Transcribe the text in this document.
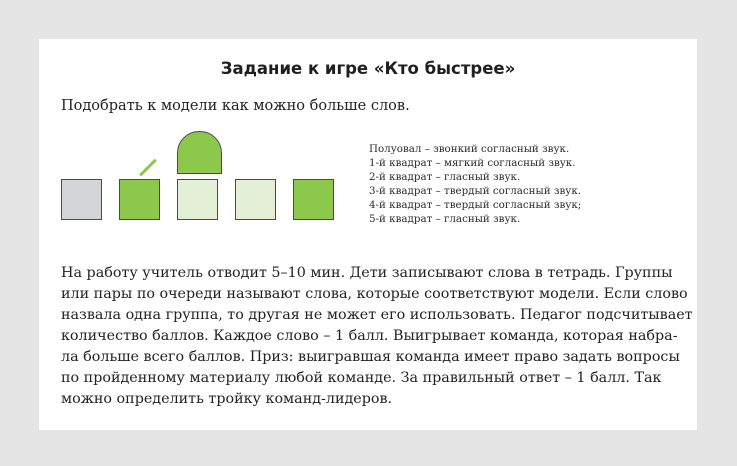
Задание к игре «Кто быстрее»

Подобрать к модели как можно больше слов.

Полуовал – звонкий согласный звук.
1-й квадрат – мягкий согласный звук.
2-й квадрат – гласный звук.
3-й квадрат – твердый согласный звук.
4-й квадрат – твердый согласный звук;
5-й квадрат – гласный звук.

На работу учитель отводит 5–10 мин. Дети записывают слова в тетрадь. Группы
или пары по очереди называют слова, которые соответствуют модели. Если слово
назвала одна группа, то другая не может его использовать. Педагог подсчитывает
количество баллов. Каждое слово – 1 балл. Выигрывает команда, которая набра-
ла больше всего баллов. Приз: выигравшая команда имеет право задать вопросы
по пройденному материалу любой команде. За правильный ответ – 1 балл. Так
можно определить тройку команд-лидеров.
